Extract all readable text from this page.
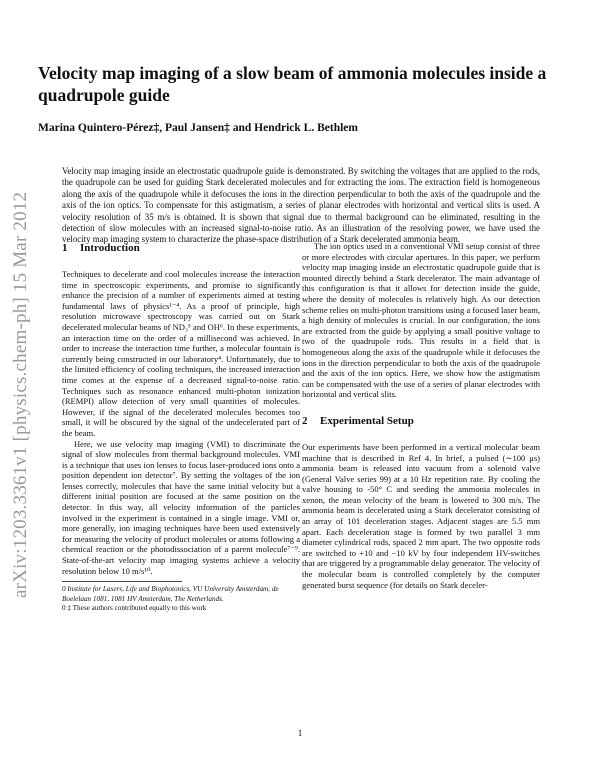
arXiv:1203.3361v1 [physics.chem-ph] 15 Mar 2012
Velocity map imaging of a slow beam of ammonia molecules inside a quadrupole guide
Marina Quintero-Pérez‡, Paul Jansen‡ and Hendrick L. Bethlem

Velocity map imaging inside an electrostatic quadrupole guide is demonstrated. By switching the voltages that are applied to the rods, the quadrupole can be used for guiding Stark decelerated molecules and for extracting the ions. The extraction field is homogeneous along the axis of the quadrupole while it defocuses the ions in the direction perpendicular to both the axis of the quadrupole and the axis of the ion optics. To compensate for this astigmatism, a series of planar electrodes with horizontal and vertical slits is used. A velocity resolution of 35 m/s is obtained. It is shown that signal due to thermal background can be eliminated, resulting in the detection of slow molecules with an increased signal-to-noise ratio. As an illustration of the resolving power, we have used the velocity map imaging system to characterize the phase-space distribution of a Stark decelerated ammonia beam.

1 Introduction

Techniques to decelerate and cool molecules increase the interaction time in spectroscopic experiments, and promise to significantly enhance the precision of a number of experiments aimed at testing fundamental laws of physics¹⁻⁴. As a proof of principle, high resolution microwave spectroscopy was carried out on Stark decelerated molecular beams of ND₃⁵ and OH⁶. In these experiments, an interaction time on the order of a millisecond was achieved. In order to increase the interaction time further, a molecular fountain is currently being constructed in our laboratory⁴. Unfortunately, due to the limited efficiency of cooling techniques, the increased interaction time comes at the expense of a decreased signal-to-noise ratio. Techniques such as resonance enhanced multi-photon ionization (REMPI) allow detection of very small quantities of molecules. However, if the signal of the decelerated molecules becomes too small, it will be obscured by the signal of the undecelerated part of the beam.

Here, we use velocity map imaging (VMI) to discriminate the signal of slow molecules from thermal background molecules. VMI is a technique that uses ion lenses to focus laser-produced ions onto a position dependent ion detector⁷. By setting the voltages of the ion lenses correctly, molecules that have the same initial velocity but a different initial position are focused at the same position on the detector. In this way, all velocity information of the particles involved in the experiment is contained in a single image. VMI or, more generally, ion imaging techniques have been used extensively for measuring the velocity of product molecules or atoms following a chemical reaction or the photodissociation of a parent molecule⁷⁻⁹. State-of-the-art velocity map imaging systems achieve a velocity resolution below 10 m/s¹⁰.

0 Institute for Lasers, Life and Biophotonics, VU University Amsterdam, de Boelelaan 1081, 1081 HV Amsterdam, The Netherlands.
0 ‡ These authors contributed equally to this work

The ion optics used in a conventional VMI setup consist of three or more electrodes with circular apertures. In this paper, we perform velocity map imaging inside an electrostatic quadrupole guide that is mounted directly behind a Stark decelerator. The main advantage of this configuration is that it allows for detection inside the guide, where the density of molecules is relatively high. As our detection scheme relies on multi-photon transitions using a focused laser beam, a high density of molecules is crucial. In our configuration, the ions are extracted from the guide by applying a small positive voltage to two of the quadrupole rods. This results in a field that is homogeneous along the axis of the quadrupole while it defocuses the ions in the direction perpendicular to both the axis of the quadrupole and the axis of the ion optics. Here, we show how the astigmatism can be compensated with the use of a series of planar electrodes with horizontal and vertical slits.

2 Experimental Setup

Our experiments have been performed in a vertical molecular beam machine that is described in Ref 4. In brief, a pulsed (∼100 μs) ammonia beam is released into vacuum from a solenoid valve (General Valve series 99) at a 10 Hz repetition rate. By cooling the valve housing to -50° C and seeding the ammonia molecules in xenon, the mean velocity of the beam is lowered to 300 m/s. The ammonia beam is decelerated using a Stark decelerator consisting of an array of 101 deceleration stages. Adjacent stages are 5.5 mm apart. Each deceleration stage is formed by two parallel 3 mm diameter cylindrical rods, spaced 2 mm apart. The two opposite rods are switched to +10 and −10 kV by four independent HV-switches that are triggered by a programmable delay generator. The velocity of the molecular beam is controlled completely by the computer generated burst sequence (for details on Stark deceler-

1
